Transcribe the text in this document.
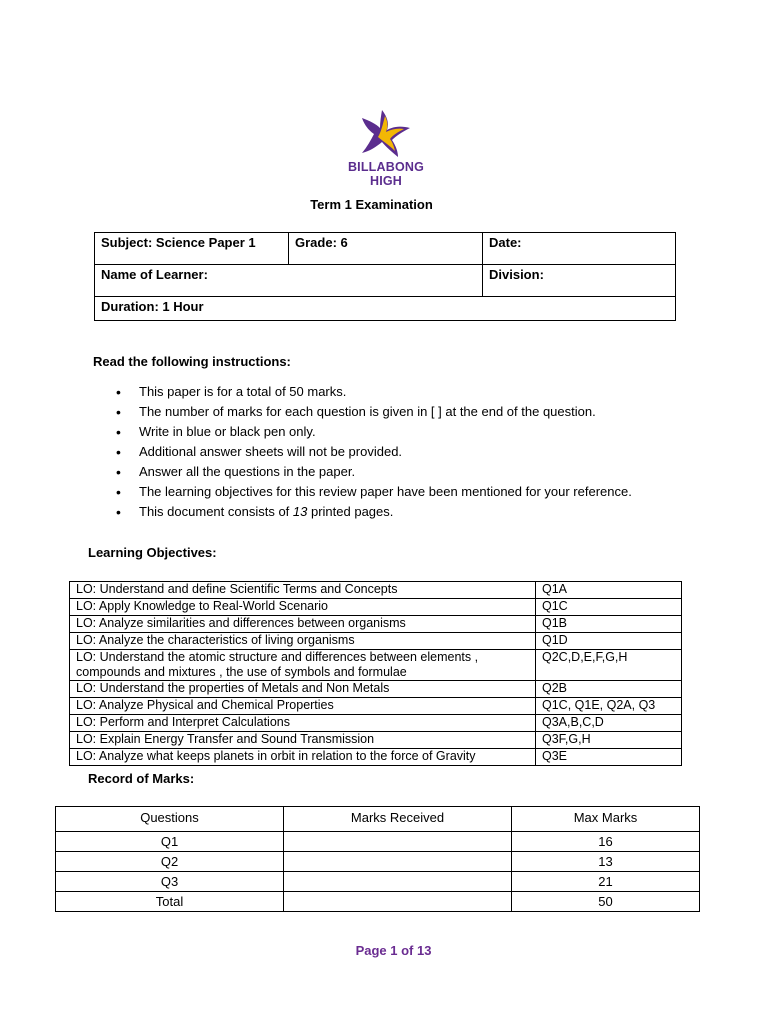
BILLABONG HIGH
Term 1 Examination
Subject: Science Paper 1	Grade: 6	Date:
Name of Learner:		Division:
Duration: 1 Hour		
Read the following instructions:
• This paper is for a total of 50 marks.
• The number of marks for each question is given in [ ] at the end of the question.
• Write in blue or black pen only.
• Additional answer sheets will not be provided.
• Answer all the questions in the paper.
• The learning objectives for this review paper have been mentioned for your reference.
• This document consists of 13 printed pages.
Learning Objectives:
LO: Understand and define Scientific Terms and Concepts	Q1A
LO: Apply Knowledge to Real-World Scenario	Q1C
LO: Analyze similarities and differences between organisms	Q1B
LO: Analyze the characteristics of living organisms	Q1D
LO: Understand the atomic structure and differences between elements , compounds and mixtures , the use of symbols and formulae	Q2C,D,E,F,G,H
LO: Understand the properties of Metals and Non Metals	Q2B
LO: Analyze Physical and Chemical Properties	Q1C, Q1E, Q2A, Q3
LO: Perform and Interpret Calculations	Q3A,B,C,D
LO: Explain Energy Transfer and Sound Transmission	Q3F,G,H
LO: Analyze what keeps planets in orbit in relation to the force of Gravity	Q3E
Record of Marks:
Questions	Marks Received	Max Marks
Q1		16
Q2		13
Q3		21
Total		50
Page 1 of 13
